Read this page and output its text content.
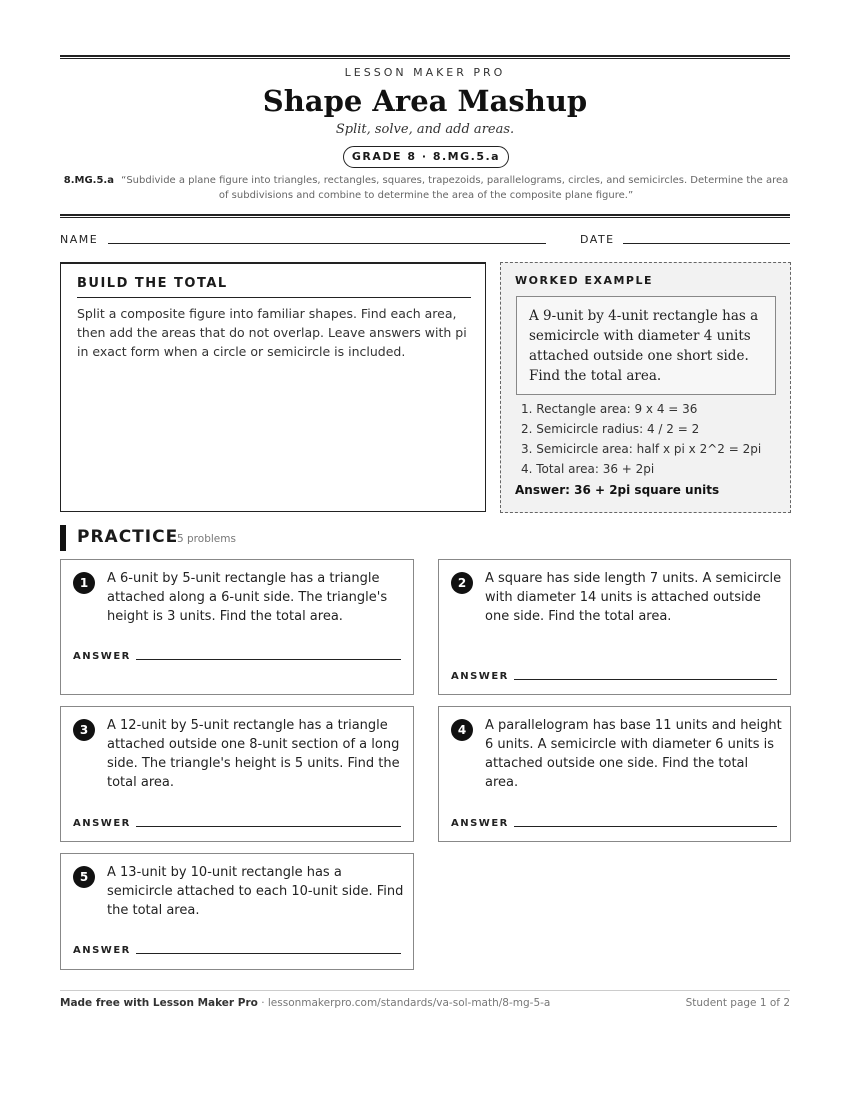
LESSON MAKER PRO
Shape Area Mashup
Split, solve, and add areas.
GRADE 8 · 8.MG.5.a
8.MG.5.a “Subdivide a plane figure into triangles, rectangles, squares, trapezoids, parallelograms, circles, and semicircles. Determine the area of subdivisions and combine to determine the area of the composite plane figure.”
NAME	DATE
BUILD THE TOTAL
Split a composite figure into familiar shapes. Find each area, then add the areas that do not overlap. Leave answers with pi in exact form when a circle or semicircle is included.
WORKED EXAMPLE
A 9-unit by 4-unit rectangle has a semicircle with diameter 4 units attached outside one short side. Find the total area.
1. Rectangle area: 9 x 4 = 36
2. Semicircle radius: 4 / 2 = 2
3. Semicircle area: half x pi x 2^2 = 2pi
4. Total area: 36 + 2pi
Answer: 36 + 2pi square units
PRACTICE
5 problems
1	A 6-unit by 5-unit rectangle has a triangle attached along a 6-unit side. The triangle's height is 3 units. Find the total area.
ANSWER
2	A square has side length 7 units. A semicircle with diameter 14 units is attached outside one side. Find the total area.
ANSWER
3	A 12-unit by 5-unit rectangle has a triangle attached outside one 8-unit section of a long side. The triangle's height is 5 units. Find the total area.
ANSWER
4	A parallelogram has base 11 units and height 6 units. A semicircle with diameter 6 units is attached outside one side. Find the total area.
ANSWER
5	A 13-unit by 10-unit rectangle has a semicircle attached to each 10-unit side. Find the total area.
ANSWER
Made free with Lesson Maker Pro · lessonmakerpro.com/standards/va-sol-math/8-mg-5-a	Student page 1 of 2
